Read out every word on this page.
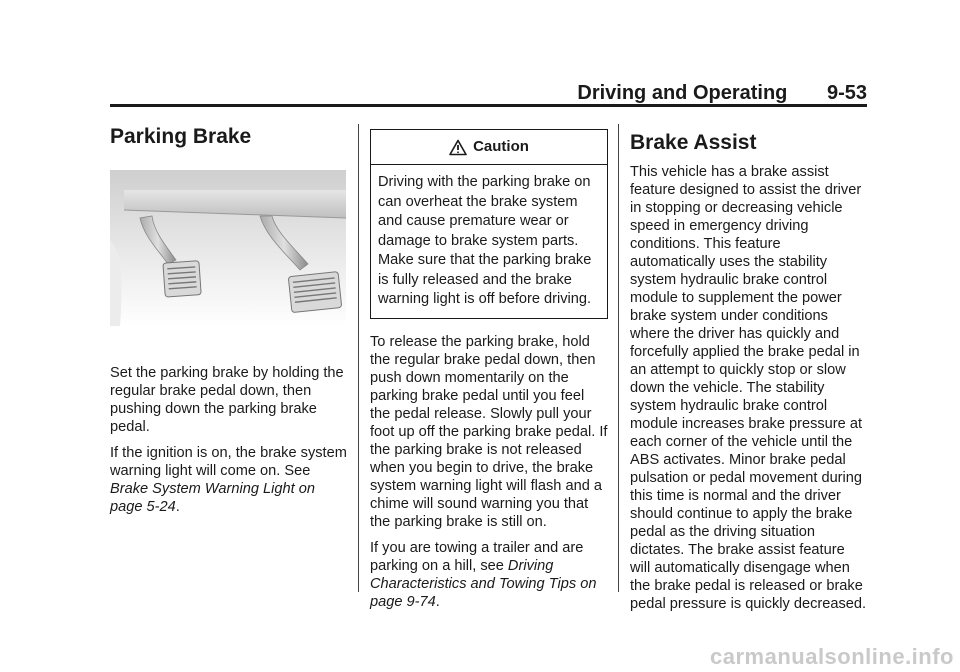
Driving and Operating 9-53
Parking Brake

Set the parking brake by holding the regular brake pedal down, then pushing down the parking brake pedal.

If the ignition is on, the brake system warning light will come on. See Brake System Warning Light on page 5-24.

Caution

Driving with the parking brake on can overheat the brake system and cause premature wear or damage to brake system parts. Make sure that the parking brake is fully released and the brake warning light is off before driving.

To release the parking brake, hold the regular brake pedal down, then push down momentarily on the parking brake pedal until you feel the pedal release. Slowly pull your foot up off the parking brake pedal. If the parking brake is not released when you begin to drive, the brake system warning light will flash and a chime will sound warning you that the parking brake is still on.

If you are towing a trailer and are parking on a hill, see Driving Characteristics and Towing Tips on page 9-74.

Brake Assist

This vehicle has a brake assist feature designed to assist the driver in stopping or decreasing vehicle speed in emergency driving conditions. This feature automatically uses the stability system hydraulic brake control module to supplement the power brake system under conditions where the driver has quickly and forcefully applied the brake pedal in an attempt to quickly stop or slow down the vehicle. The stability system hydraulic brake control module increases brake pressure at each corner of the vehicle until the ABS activates. Minor brake pedal pulsation or pedal movement during this time is normal and the driver should continue to apply the brake pedal as the driving situation dictates. The brake assist feature will automatically disengage when the brake pedal is released or brake pedal pressure is quickly decreased.

carmanualsonline.info
